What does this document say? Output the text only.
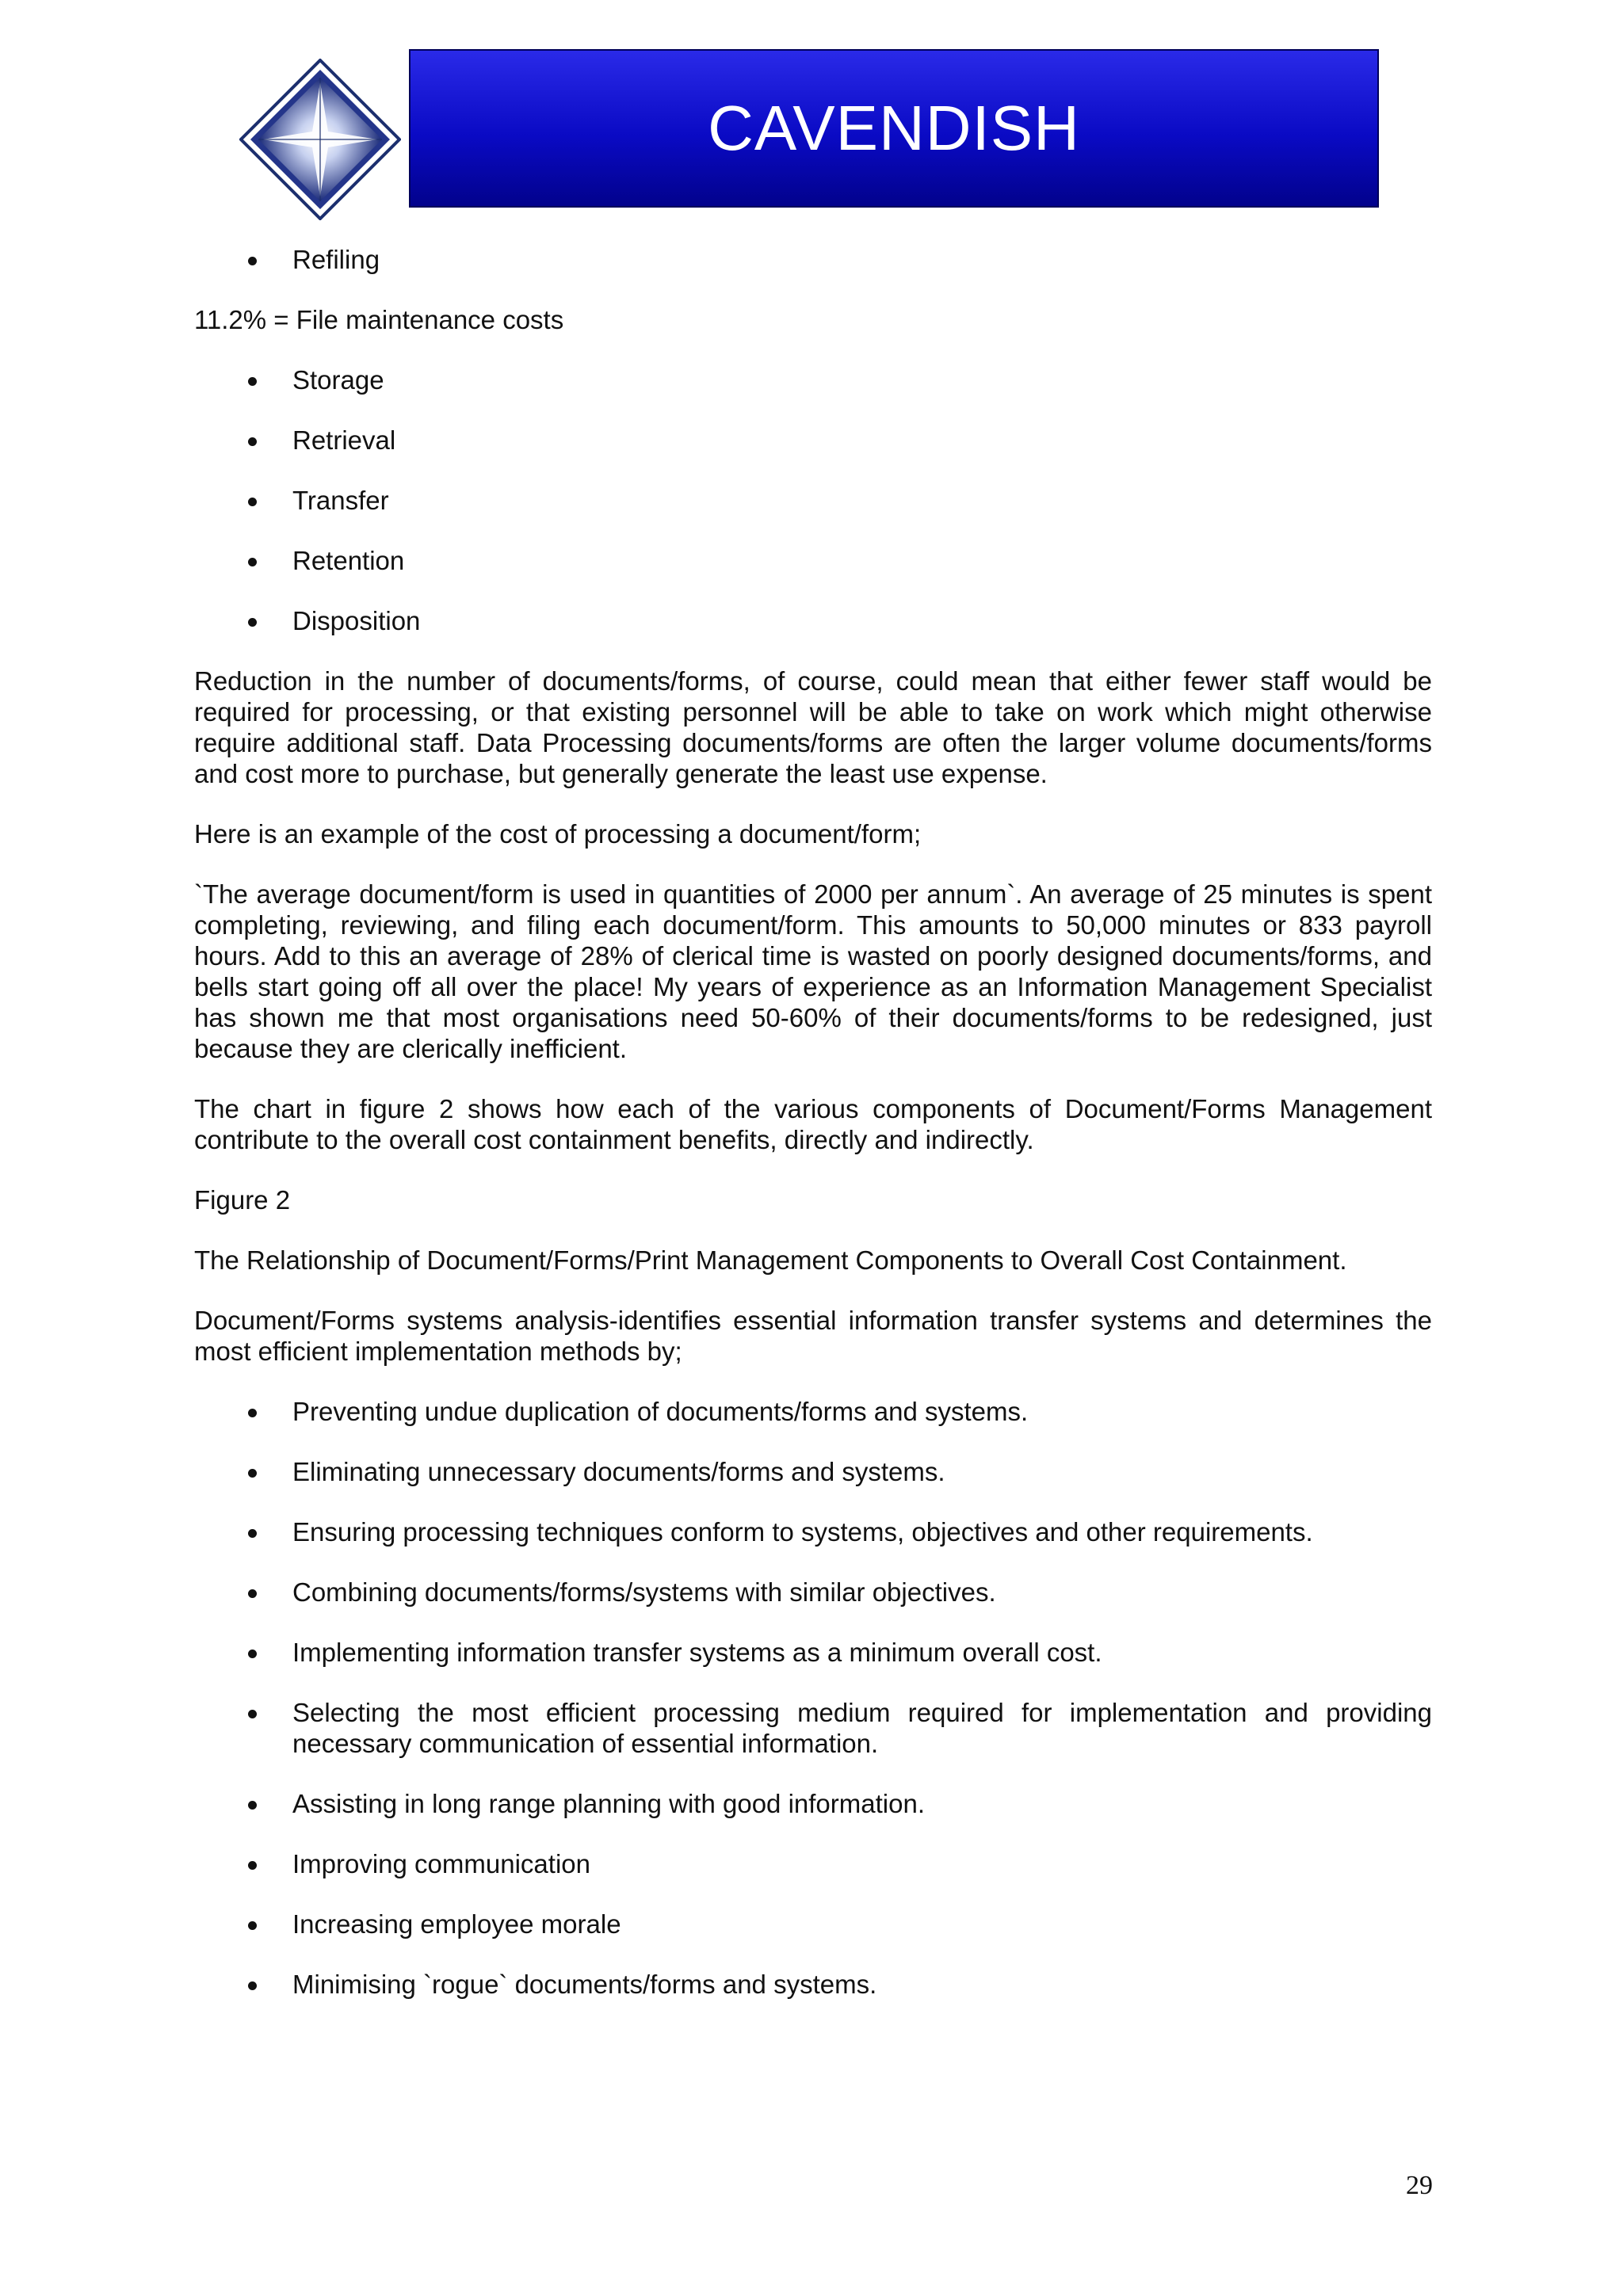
CAVENDISH
Refiling

11.2% = File maintenance costs

Storage
Retrieval
Transfer
Retention
Disposition

Reduction in the number of documents/forms, of course, could mean that either fewer staff would be required for processing, or that existing personnel will be able to take on work which might otherwise require additional staff. Data Processing documents/forms are often the larger volume documents/forms and cost more to purchase, but generally generate the least use expense.

Here is an example of the cost of processing a document/form;

`The average document/form is used in quantities of 2000 per annum`. An average of 25 minutes is spent completing, reviewing, and filing each document/form. This amounts to 50,000 minutes or 833 payroll hours. Add to this an average of 28% of clerical time is wasted on poorly designed documents/forms, and bells start going off all over the place! My years of experience as an Information Management Specialist has shown me that most organisations need 50-60% of their documents/forms to be redesigned, just because they are clerically inefficient.

The chart in figure 2 shows how each of the various components of Document/Forms Management contribute to the overall cost containment benefits, directly and indirectly.

Figure 2

The Relationship of Document/Forms/Print Management Components to Overall Cost Containment.

Document/Forms systems analysis-identifies essential information transfer systems and determines the most efficient implementation methods by;

Preventing undue duplication of documents/forms and systems.
Eliminating unnecessary documents/forms and systems.
Ensuring processing techniques conform to systems, objectives and other requirements.
Combining documents/forms/systems with similar objectives.
Implementing information transfer systems as a minimum overall cost.
Selecting the most efficient processing medium required for implementation and providing necessary communication of essential information.
Assisting in long range planning with good information.
Improving communication
Increasing employee morale
Minimising `rogue` documents/forms and systems.
29
